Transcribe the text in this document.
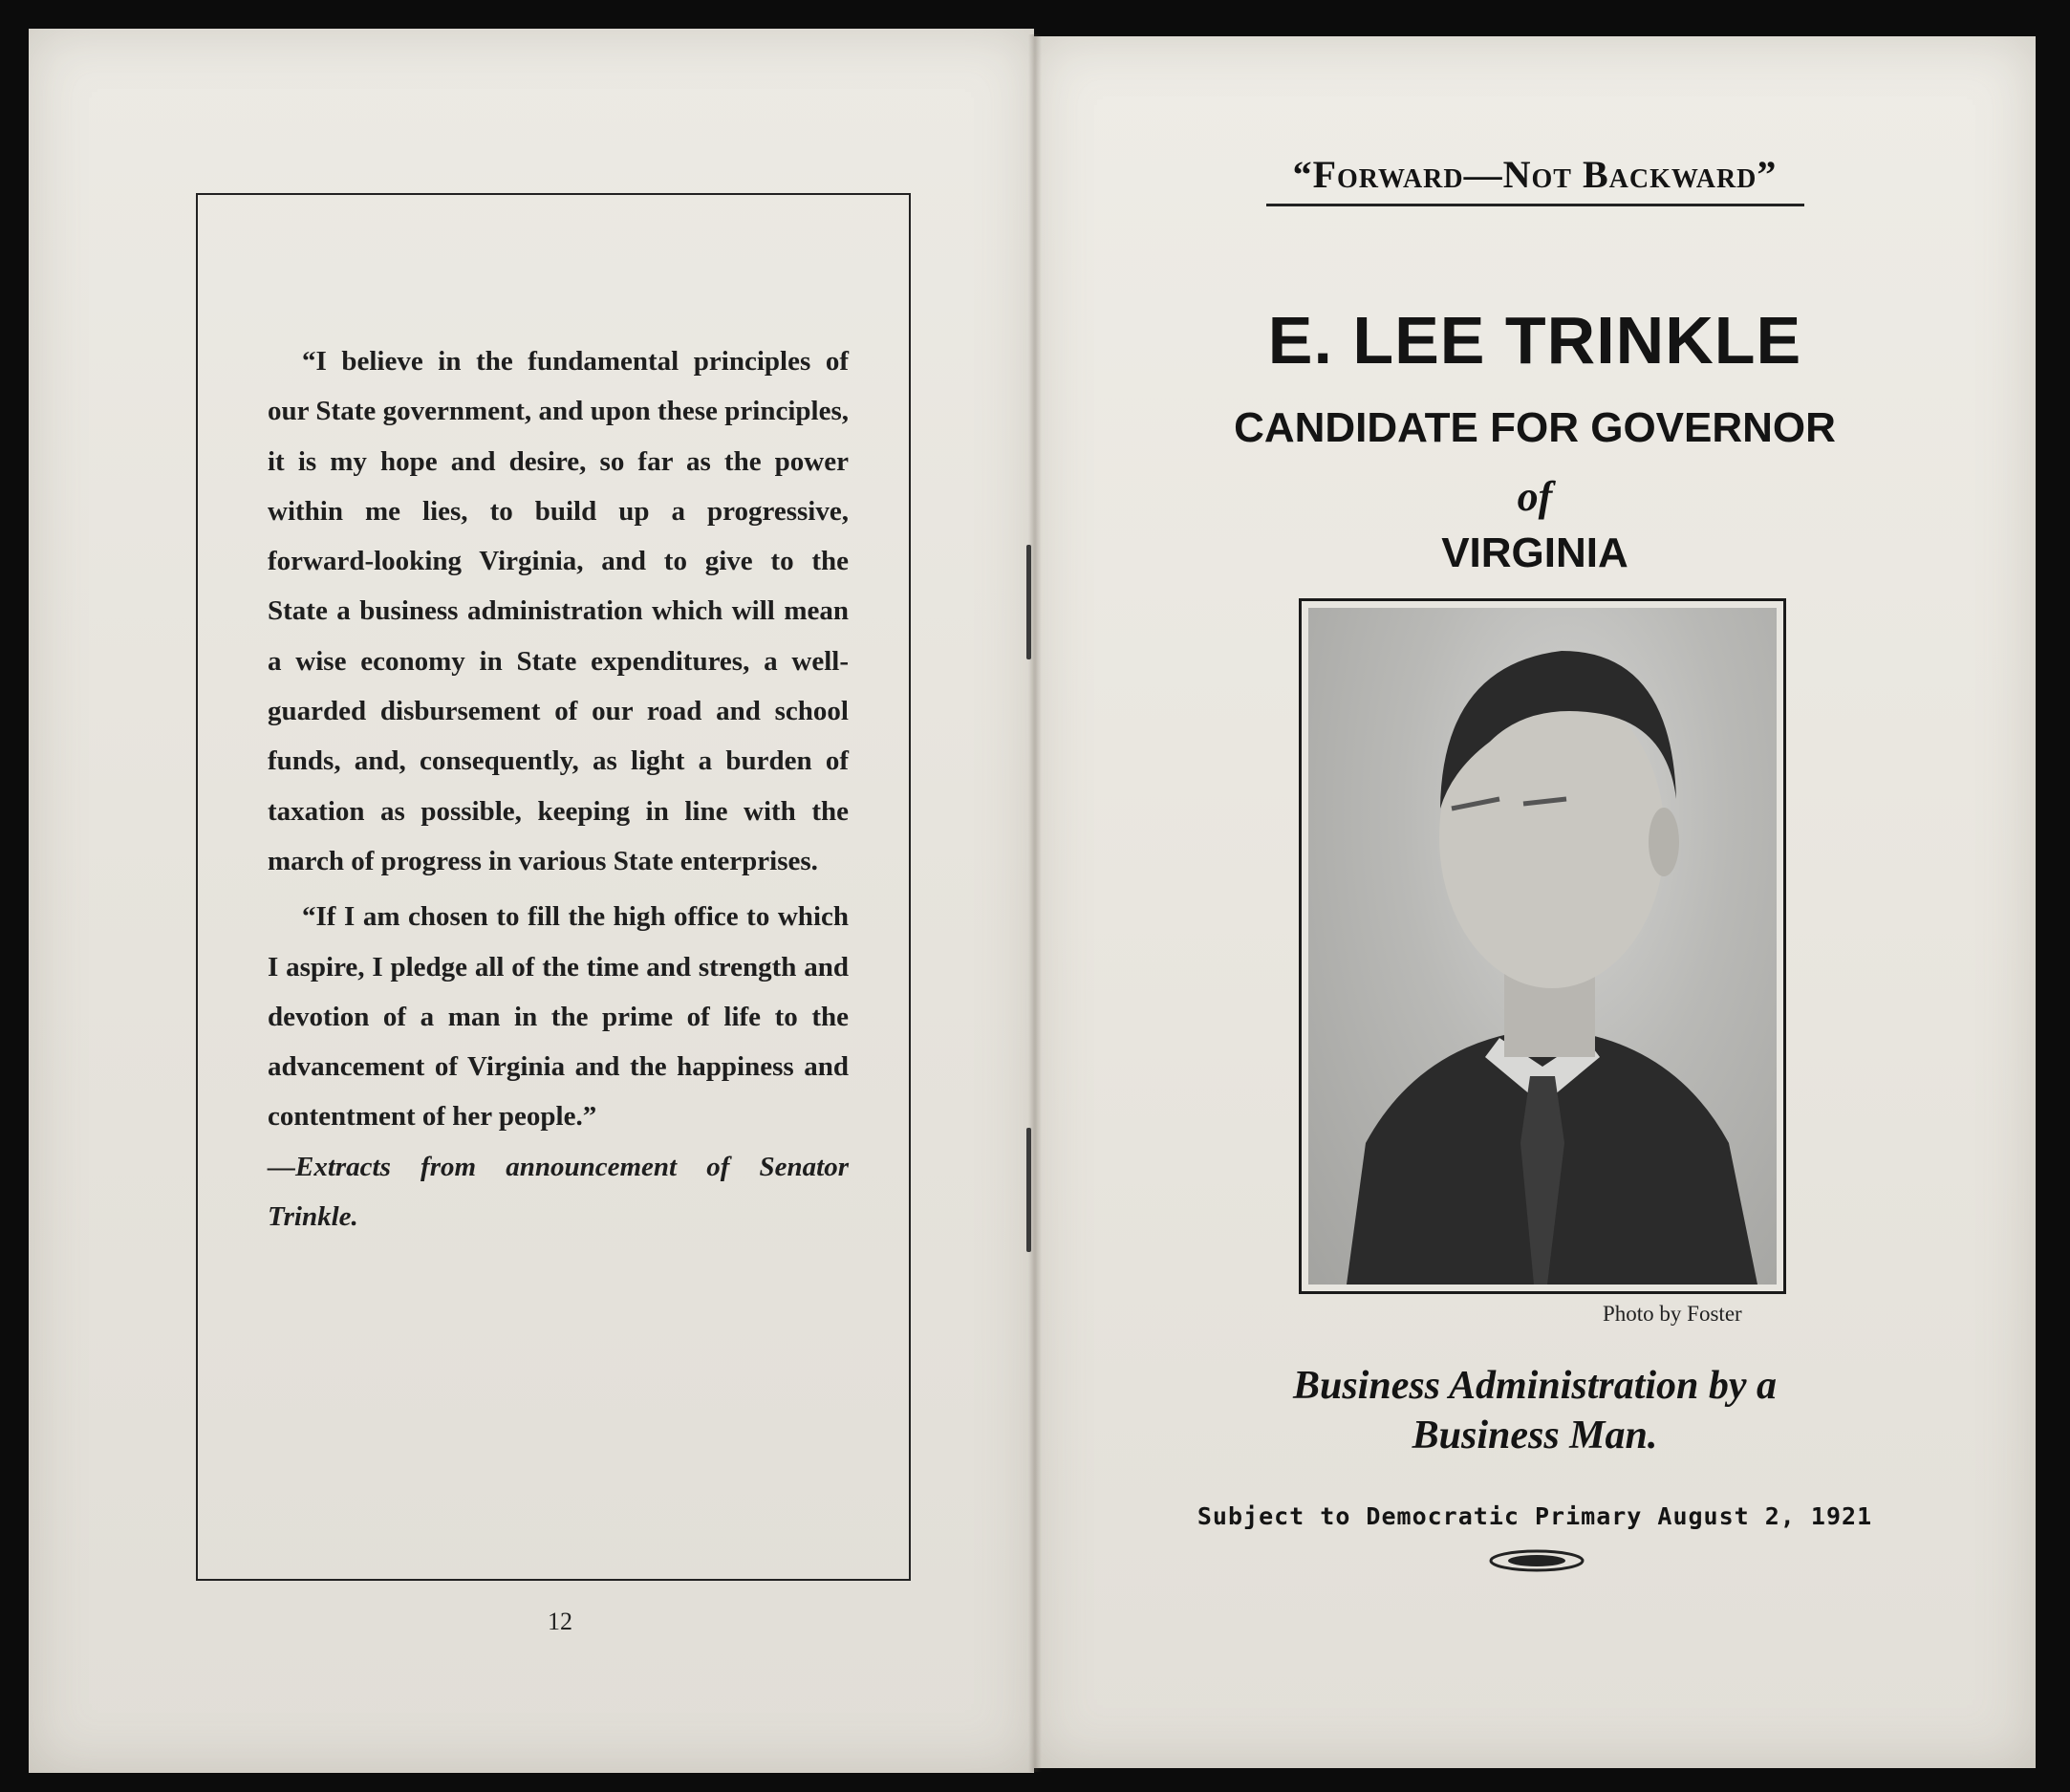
“I believe in the fundamental principles of our State government, and upon these principles, it is my hope and desire, so far as the power within me lies, to build up a progressive, forward-looking Virginia, and to give to the State a business administration which will mean a wise economy in State expenditures, a well-guarded disbursement of our road and school funds, and, consequently, as light a burden of taxation as possible, keeping in line with the march of progress in various State enterprises.

“If I am chosen to fill the high office to which I aspire, I pledge all of the time and strength and devotion of a man in the prime of life to the advancement of Virginia and the happiness and contentment of her people.”

—Extracts from announcement of Senator Trinkle.

12
“Forward—Not Backward”
E. LEE TRINKLE
CANDIDATE FOR GOVERNOR
of
VIRGINIA
Photo by Foster
Business Administration by a
Business Man.
Subject to Democratic Primary August 2, 1921
